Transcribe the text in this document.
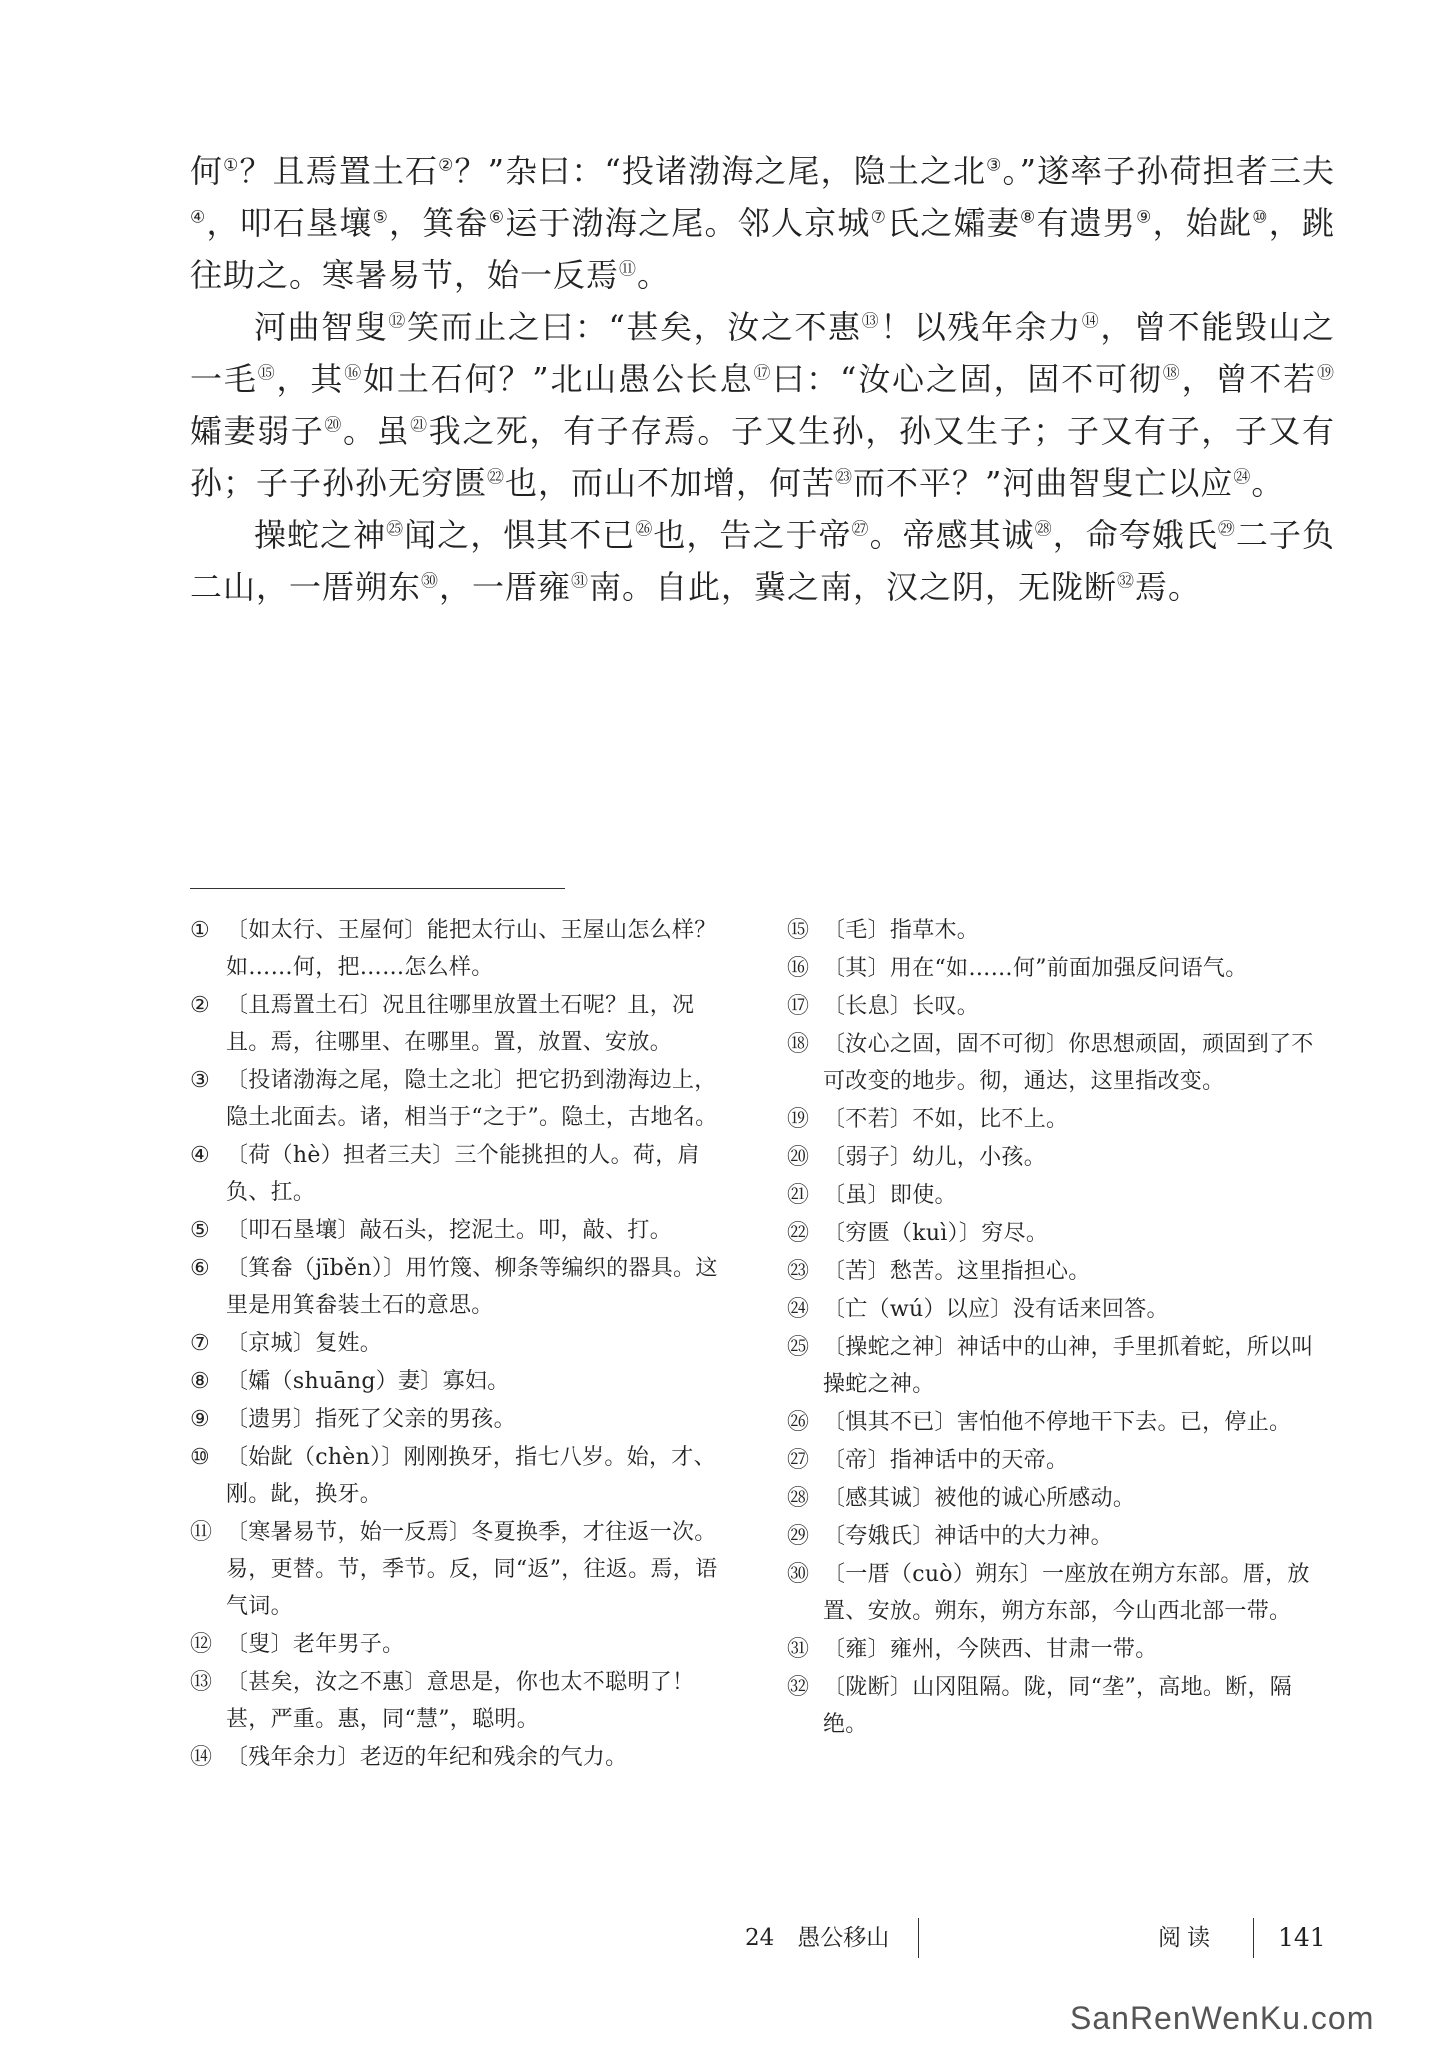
何①？且焉置土石②？”杂曰：“投诸渤海之尾，隐土之北③。”遂率子孙荷担者三夫④，叩石垦壤⑤，箕畚⑥运于渤海之尾。邻人京城⑦氏之孀妻⑧有遗男⑨，始龀⑩，跳往助之。寒暑易节，始一反焉⑪。

河曲智叟⑫笑而止之曰：“甚矣，汝之不惠⑬！以残年余力⑭，曾不能毁山之一毛⑮，其⑯如土石何？”北山愚公长息⑰曰：“汝心之固，固不可彻⑱，曾不若⑲孀妻弱子⑳。虽$^㉑$我之死，有子存焉。子又生孙，孙又生子；子又有子，子又有孙；子子孙孙无穷匮$^㉒$也，而山不加增，何苦$^㉓$而不平？”河曲智叟亡以应$^㉔$。

操蛇之神$^㉕$闻之，惧其不已$^㉖$也，告之于帝$^㉗$。帝感其诚$^㉘$，命夸娥氏$^㉙$二子负二山，一厝朔东$^㉚$，一厝雍$^㉛$南。自此，冀之南，汉之阴，无陇断$^㉜$焉。

① 〔如太行、王屋何〕能把太行山、王屋山怎么样？如……何，把……怎么样。
② 〔且焉置土石〕况且往哪里放置土石呢？且，况且。焉，往哪里、在哪里。置，放置、安放。
③ 〔投诸渤海之尾，隐土之北〕把它扔到渤海边上，隐土北面去。诸，相当于“之于”。隐土，古地名。
④ 〔荷（hè）担者三夫〕三个能挑担的人。荷，肩负、扛。
⑤ 〔叩石垦壤〕敲石头，挖泥土。叩，敲、打。
⑥ 〔箕畚（jīběn）〕用竹篾、柳条等编织的器具。这里是用箕畚装土石的意思。
⑦ 〔京城〕复姓。
⑧ 〔孀（shuāng）妻〕寡妇。
⑨ 〔遗男〕指死了父亲的男孩。
⑩ 〔始龀（chèn）〕刚刚换牙，指七八岁。始，才、刚。龀，换牙。
⑪ 〔寒暑易节，始一反焉〕冬夏换季，才往返一次。易，更替。节，季节。反，同“返”，往返。焉，语气词。
⑫ 〔叟〕老年男子。
⑬ 〔甚矣，汝之不惠〕意思是，你也太不聪明了！甚，严重。惠，同“慧”，聪明。
⑭ 〔残年余力〕老迈的年纪和残余的气力。
⑮ 〔毛〕指草木。
⑯ 〔其〕用在“如……何”前面加强反问语气。
⑰ 〔长息〕长叹。
⑱ 〔汝心之固，固不可彻〕你思想顽固，顽固到了不可改变的地步。彻，通达，这里指改变。
⑲ 〔不若〕不如，比不上。
⑳ 〔弱子〕幼儿，小孩。
㉑ 〔虽〕即使。
㉒ 〔穷匮（kuì）〕穷尽。
㉓ 〔苦〕愁苦。这里指担心。
㉔ 〔亡（wú）以应〕没有话来回答。
㉕ 〔操蛇之神〕神话中的山神，手里抓着蛇，所以叫操蛇之神。
㉖ 〔惧其不已〕害怕他不停地干下去。已，停止。
㉗ 〔帝〕指神话中的天帝。
㉘ 〔感其诚〕被他的诚心所感动。
㉙ 〔夸娥氏〕神话中的大力神。
㉚ 〔一厝（cuò）朔东〕一座放在朔方东部。厝，放置、安放。朔东，朔方东部，今山西北部一带。
㉛ 〔雍〕雍州，今陕西、甘肃一带。
㉜ 〔陇断〕山冈阻隔。陇，同“垄”，高地。断，隔绝。
24　愚公移山	阅读 141
SanRenWenKu.com
